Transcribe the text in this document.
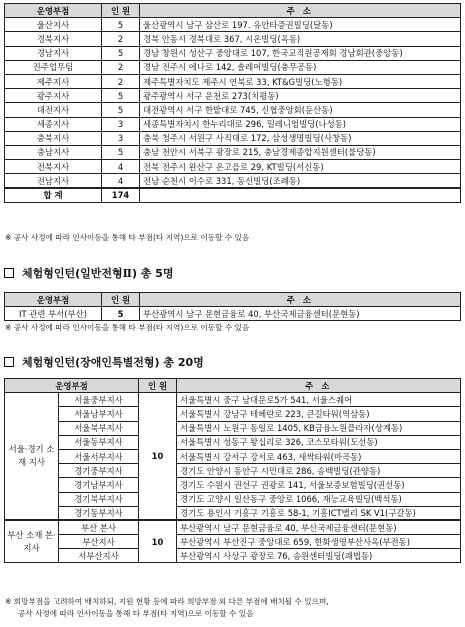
운영부점	인 원	주 소
울산지사	5	울산광역시 남구 삼산로 197. 유안타증권빌딩(달동)
경북지사	2	경북 안동시 경북대로 367, 시온빌딩(옥동)
경남지사	5	경남 창원시 성산구 중앙대로 107, 한국교직원공제회 경남회관(중앙동)
진주업무팀	2	경남 진주시 에나로 142, 솔레어빌딩(충무공동)
제주지사	2	제주특별자치도 제주시 연북로 33, KT&G빌딩(노형동)
광주지사	5	광주광역시 서구 운천로 273(치평동)
대전지사	5	대전광역시 서구 한밭대로 745, 신협중앙회(둔산동)
세종지사	3	세종특별자치시 한누리대로 296, 밀레니엄빌딩(나성동)
충북지사	3	충북 청주시 서원구 사직대로 172, 삼성생명빌딩(사창동)
충남지사	5	충남 천안시 서북구 광장로 215, 충남경제종합지원센터(불당동)
전북지사	4	전북 전주시 완산구 온고을로 29, KT빌딩(서신동)
전남지사	4	전남 순천시 이수로 331, 동신빌딩(조례동)
합 계	174	
※ 공사 사정에 따라 인사이동을 통해 타 부점(타 지역)으로 이동할 수 있음
체험형인턴(일반전형 Ⅱ ) 총 5명
운영부점	인 원	주 소
IT 관련 부서(부산)	5	부산광역시 남구 문현금융로 40, 부산국제금융센터(문현동)
※ 공사 사정에 따라 인사이동을 통해 타 부점(타 지역)으로 이동할 수 있음
체험형인턴(장애인특별전형) 총 20명
운영부점		인 원	주 소
서울·경기 소재 지사	서울중부지사	10	서울특별시 중구 남대문로5가 541, 서울스퀘어
	서울남부지사		서울특별시 강남구 테헤란로 223, 큰길타워(역삼동)
	서울북부지사		서울특별시 노원구 동일로 1405, KB금융노원플라자(상계동)
	서울동부지사		서울특별시 성동구 왕십리로 326, 코스모타워(도선동)
	서울서부지사		서울특별시 강서구 강서로 463, 새싹타워(마곡동)
	경기중부지사		경기도 안양시 동안구 시민대로 286, 송백빌딩(관양동)
	경기남부지사		경기도 수원시 권선구 권광로 141, 서울보증보험빌딩(권선동)
	경기북부지사		경기도 고양시 일산동구 중앙로 1066, 재능교육빌딩(백석동)
	경기동부지사		경기도 용인시 기흥구 기흥로 58-1, 기흥ICT밸리 SK V1(구갈동)
부산 소재 본·지사	부산 본사	10	부산광역시 남구 문현금융로 40, 부산국제금융센터(문현동)
	부산지사		부산광역시 부산진구 중앙대로 659, 한화생명부산사옥(부전동)
	서부산지사		부산광역시 사상구 광장로 76, 송원센터빌딩(괘법동)
※ 희망부점을 고려하여 배치하되, 지원 현황 등에 따라 희망부점 외 다른 부점에 배치될 수 있으며,
공사 사정에 따라 인사이동을 통해 타 부점(타 지역)으로 이동할 수 있음
